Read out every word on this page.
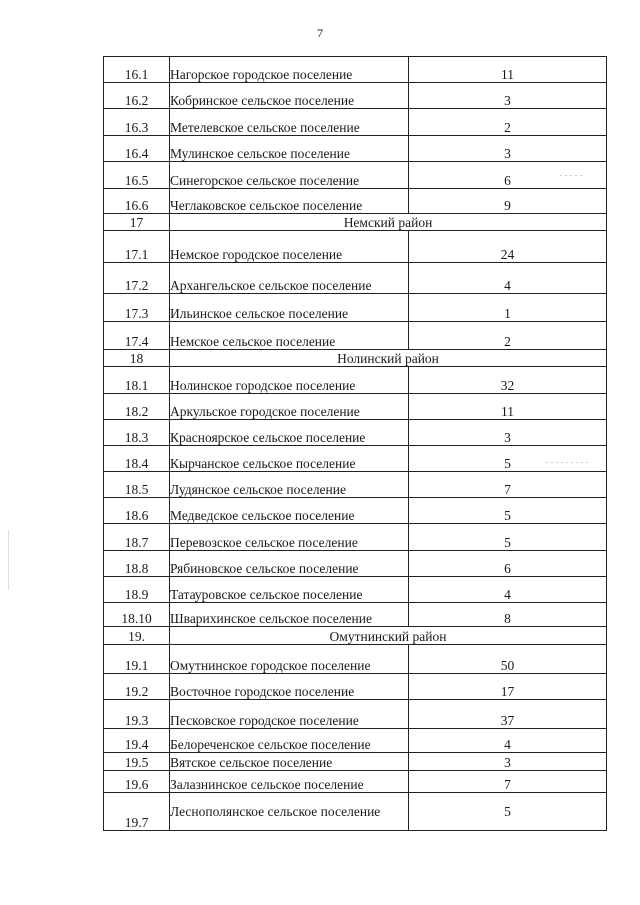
7
16.1	Нагорское городское поселение	11
16.2	Кобринское сельское поселение	3
16.3	Метелевское сельское поселение	2
16.4	Мулинское сельское поселение	3
16.5	Синегорское сельское поселение	6
16.6	Чеглаковское сельское поселение	9
17	Немский район	
17.1	Немское городское поселение	24
17.2	Архангельское сельское поселение	4
17.3	Ильинское сельское поселение	1
17.4	Немское сельское поселение	2
18	Нолинский район	
18.1	Нолинское городское поселение	32
18.2	Аркульское городское поселение	11
18.3	Красноярское сельское поселение	3
18.4	Кырчанское сельское поселение	5
18.5	Лудянское сельское поселение	7
18.6	Медведское сельское поселение	5
18.7	Перевозское сельское поселение	5
18.8	Рябиновское сельское поселение	6
18.9	Татауровское сельское поселение	4
18.10	Шварихинское сельское поселение	8
19.	Омутнинский район	
19.1	Омутнинское городское поселение	50
19.2	Восточное городское поселение	17
19.3	Песковское городское поселение	37
19.4	Белореченское сельское поселение	4
19.5	Вятское сельское поселение	3
19.6	Залазнинское сельское поселение	7
19.7	Леснополянское сельское поселение	5
